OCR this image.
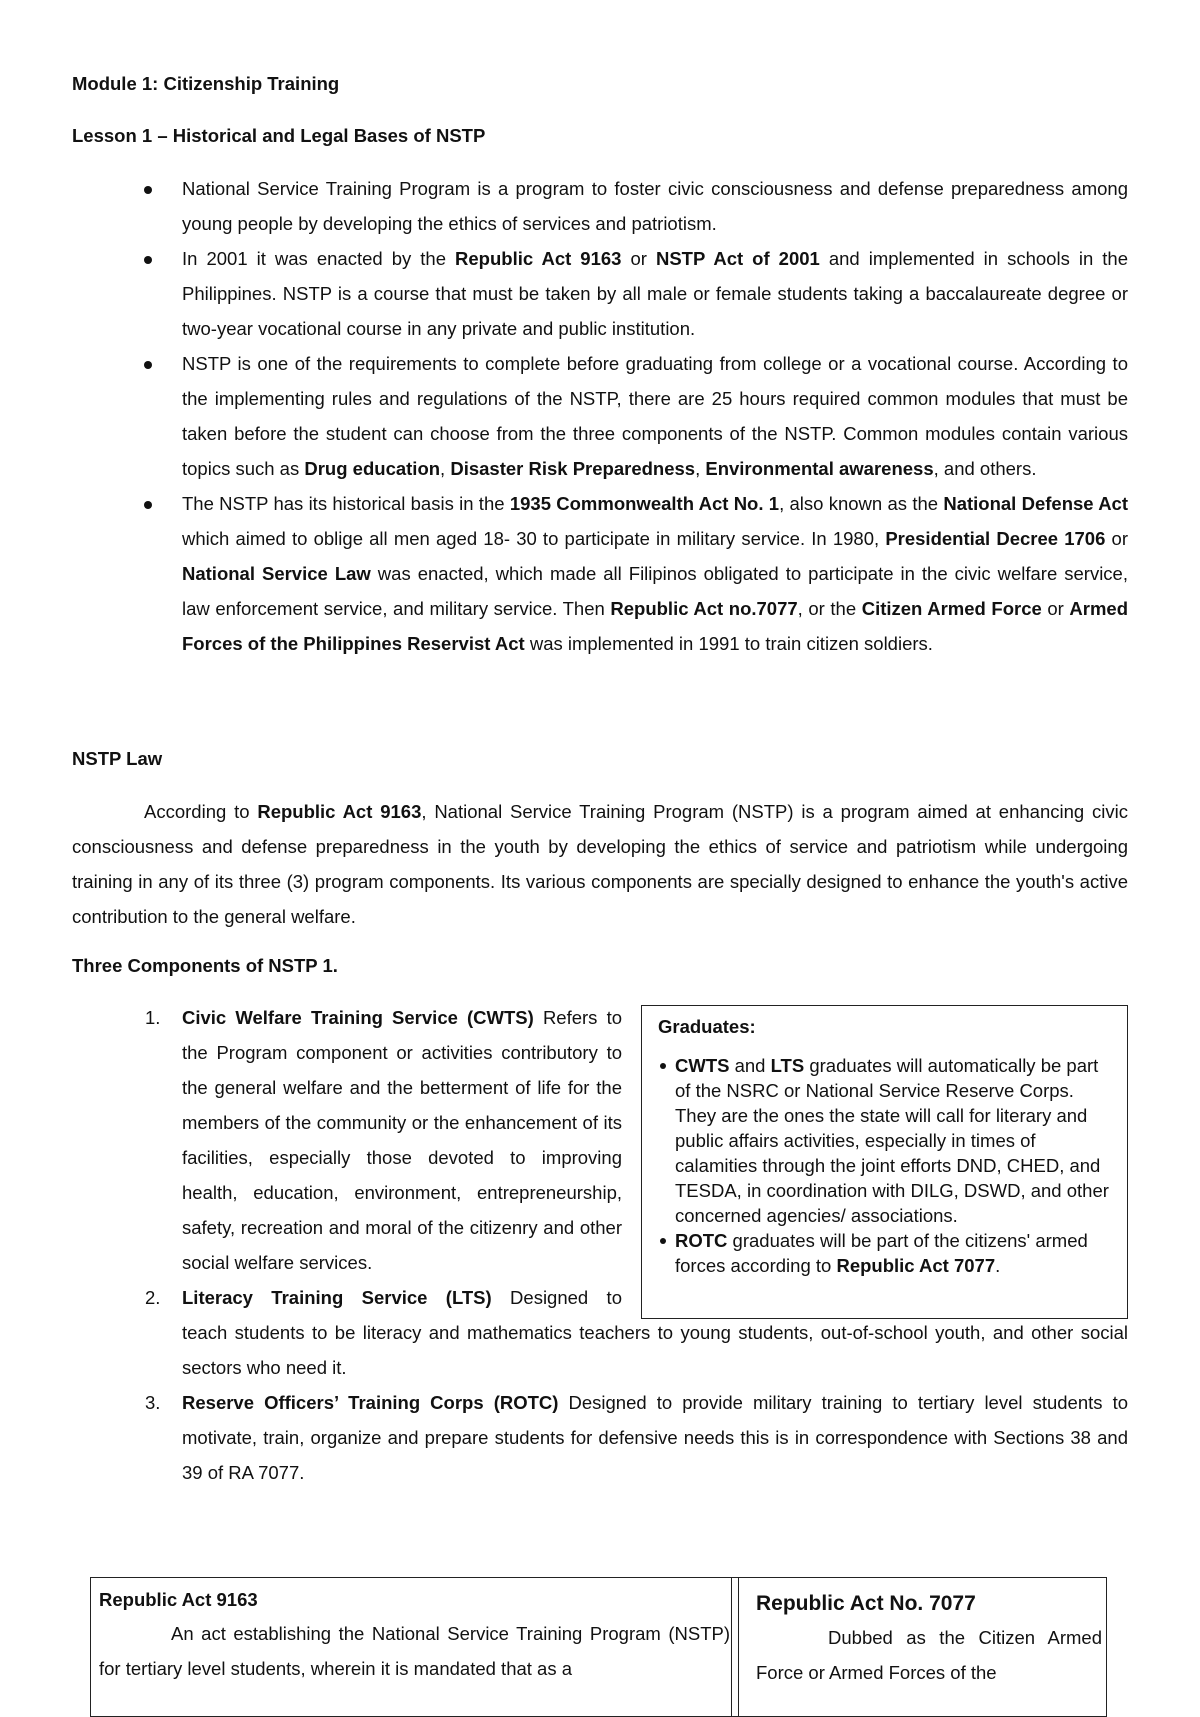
Module 1: Citizenship Training
Lesson 1 – Historical and Legal Bases of NSTP
National Service Training Program is a program to foster civic consciousness and defense preparedness among young people by developing the ethics of services and patriotism.
In 2001 it was enacted by the Republic Act 9163 or NSTP Act of 2001 and implemented in schools in the Philippines. NSTP is a course that must be taken by all male or female students taking a baccalaureate degree or two-year vocational course in any private and public institution.
NSTP is one of the requirements to complete before graduating from college or a vocational course. According to the implementing rules and regulations of the NSTP, there are 25 hours required common modules that must be taken before the student can choose from the three components of the NSTP. Common modules contain various topics such as Drug education, Disaster Risk Preparedness, Environmental awareness, and others.
The NSTP has its historical basis in the 1935 Commonwealth Act No. 1, also known as the National Defense Act which aimed to oblige all men aged 18- 30 to participate in military service. In 1980, Presidential Decree 1706 or National Service Law was enacted, which made all Filipinos obligated to participate in the civic welfare service, law enforcement service, and military service. Then Republic Act no.7077, or the Citizen Armed Force or Armed Forces of the Philippines Reservist Act was implemented in 1991 to train citizen soldiers.
NSTP Law

According to Republic Act 9163, National Service Training Program (NSTP) is a program aimed at enhancing civic consciousness and defense preparedness in the youth by developing the ethics of service and patriotism while undergoing training in any of its three (3) program components. Its various components are specially designed to enhance the youth's active contribution to the general welfare.

Three Components of NSTP 1.
1. Civic Welfare Training Service (CWTS) Refers to the Program component or activities contributory to the general welfare and the betterment of life for the members of the community or the enhancement of its facilities, especially those devoted to improving health, education, environment, entrepreneurship, safety, recreation and moral of the citizenry and other social welfare services.
2. Literacy Training Service (LTS) Designed to
teach students to be literacy and mathematics teachers to young students, out-of-school youth, and other social sectors who need it.
3. Reserve Officers’ Training Corps (ROTC) Designed to provide military training to tertiary level students to motivate, train, organize and prepare students for defensive needs this is in correspondence with Sections 38 and 39 of RA 7077.
Graduates:
CWTS and LTS graduates will automatically be part of the NSRC or National Service Reserve Corps. They are the ones the state will call for literary and public affairs activities, especially in times of calamities through the joint efforts DND, CHED, and TESDA, in coordination with DILG, DSWD, and other concerned agencies/ associations.
ROTC graduates will be part of the citizens' armed forces according to Republic Act 7077.
Republic Act 9163

An act establishing the National Service Training Program (NSTP) for tertiary level students, wherein it is mandated that as a

Republic Act No. 7077

Dubbed as the Citizen Armed Force or Armed Forces of the
